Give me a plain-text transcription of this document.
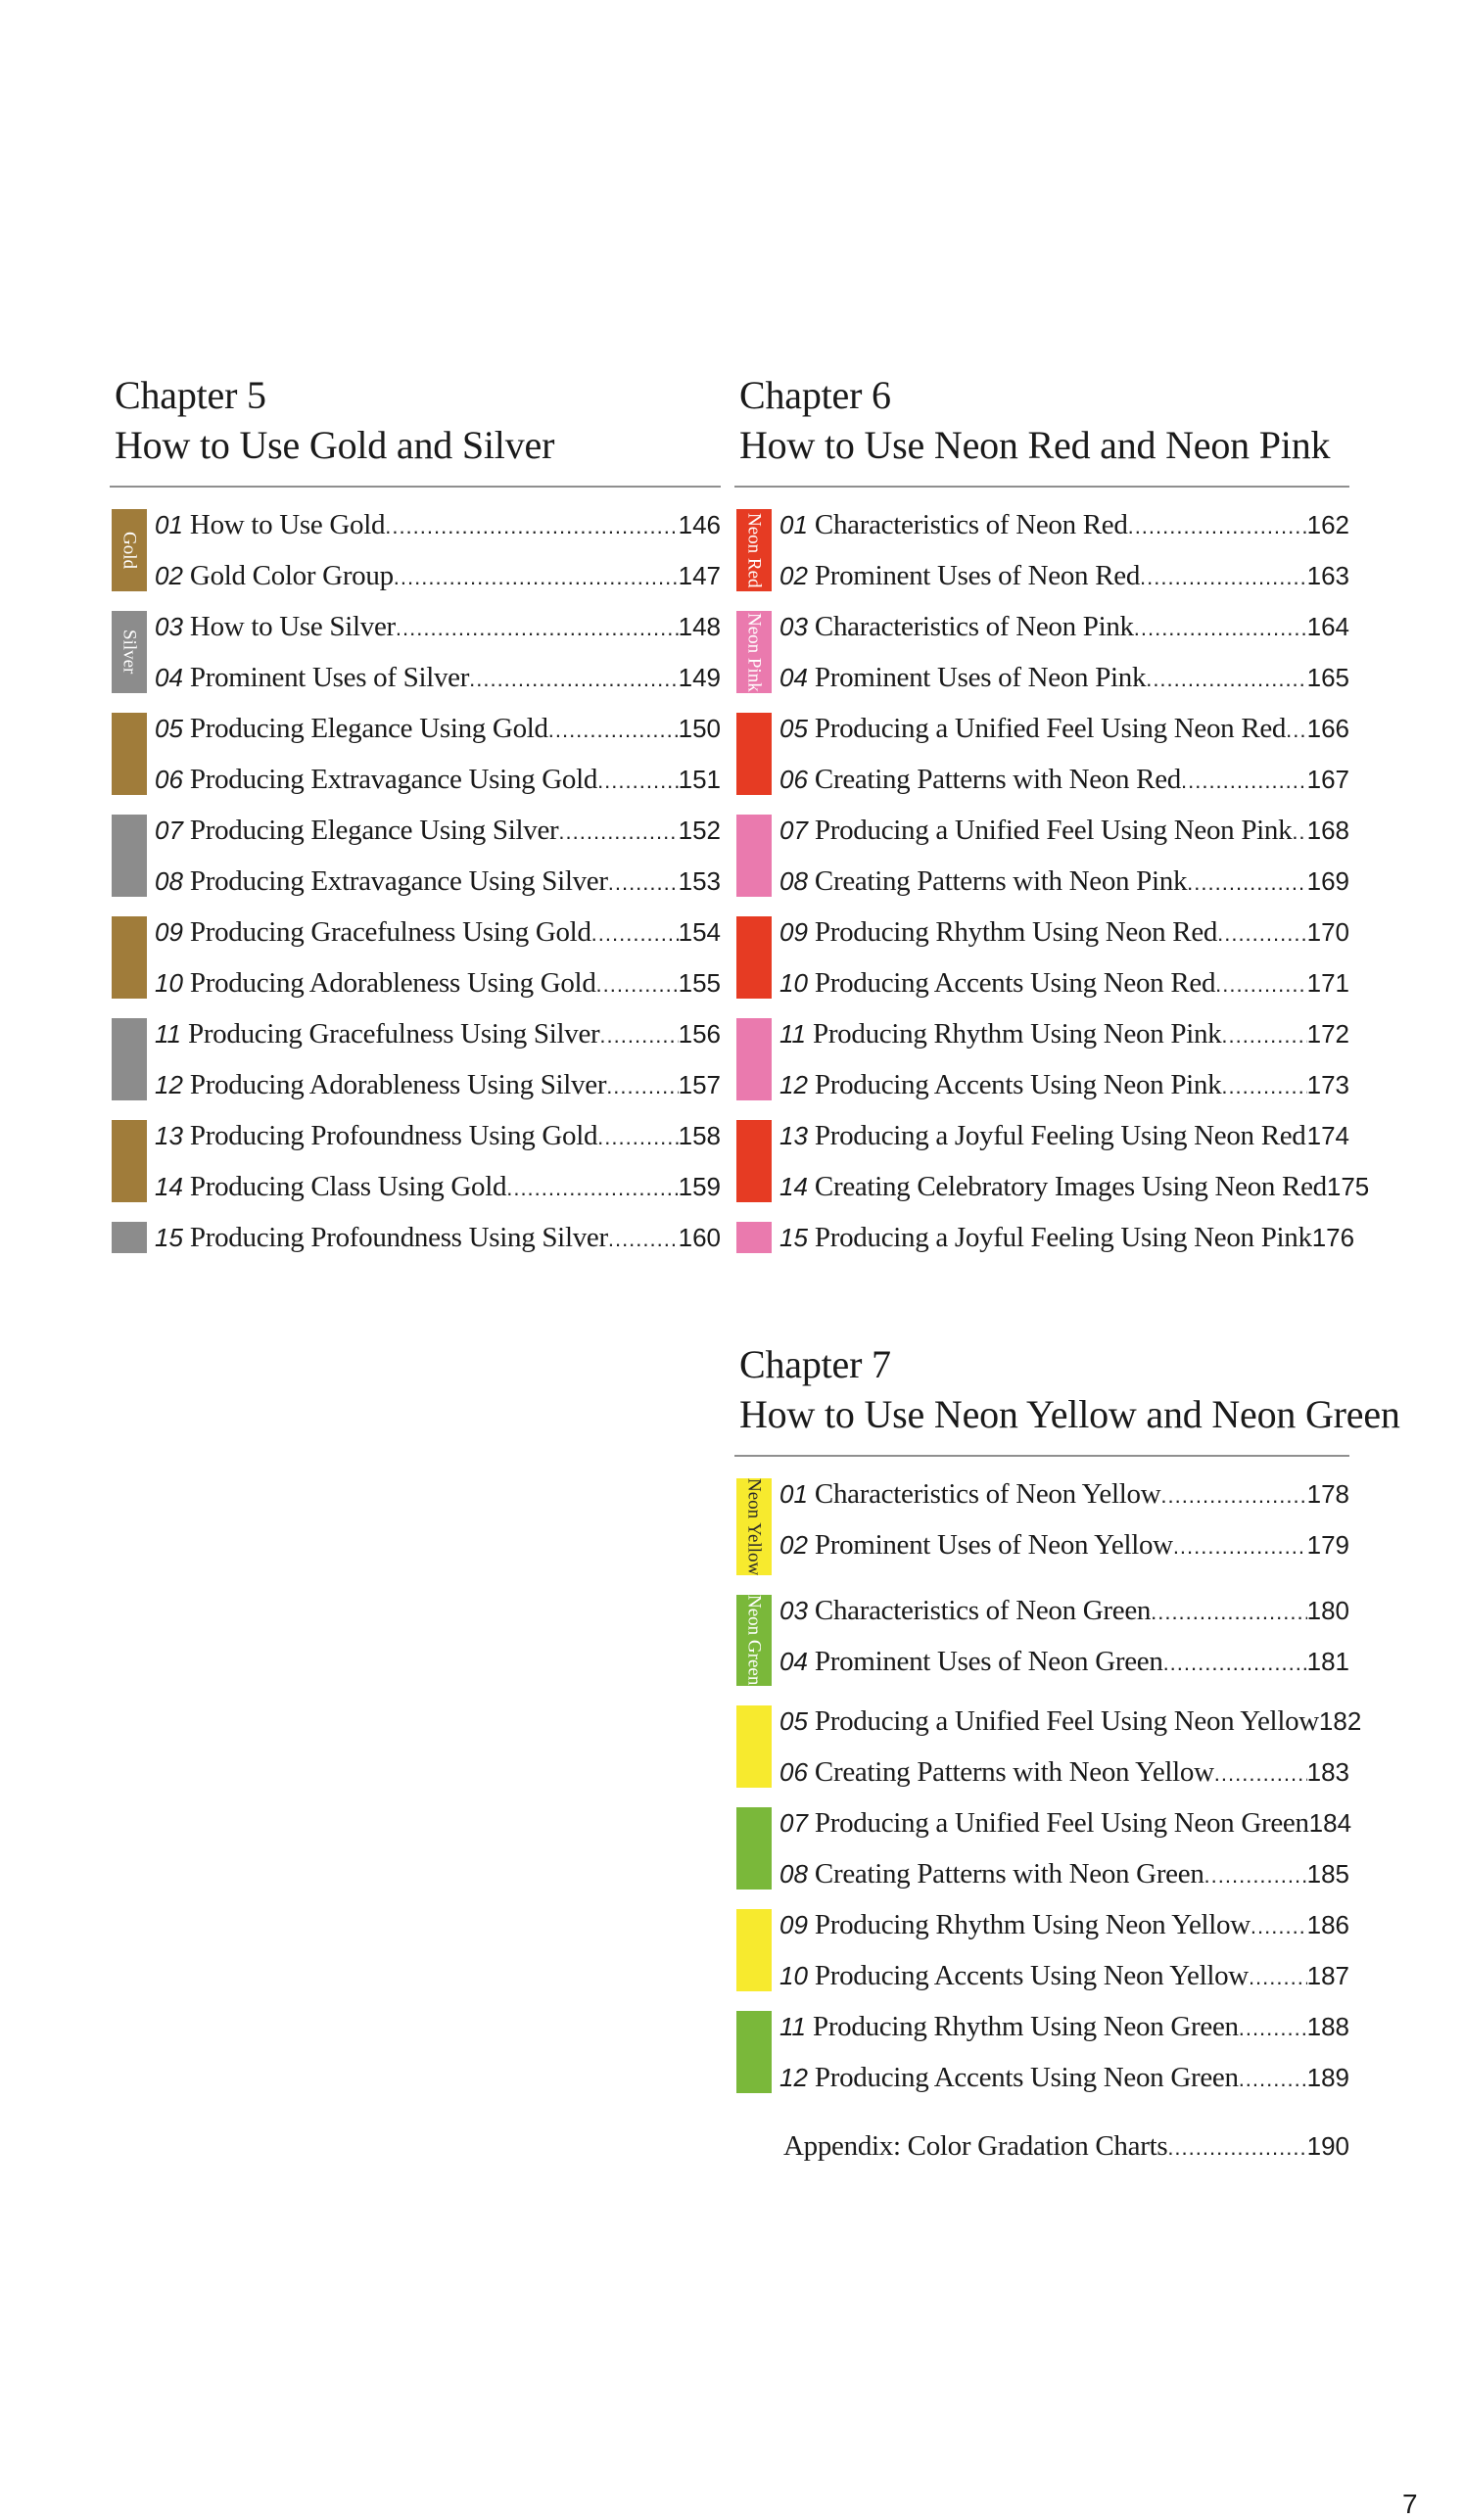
Chapter 5
How to Use Gold and Silver
Gold
01 How to Use Gold .....	146
02 Gold Color Group .....	147
Silver
03 How to Use Silver .....	148
04 Prominent Uses of Silver .....	149
05 Producing Elegance Using Gold .....	150
06 Producing Extravagance Using Gold .....	151
07 Producing Elegance Using Silver .....	152
08 Producing Extravagance Using Silver .....	153
09 Producing Gracefulness Using Gold .....	154
10 Producing Adorableness Using Gold .....	155
11 Producing Gracefulness Using Silver .....	156
12 Producing Adorableness Using Silver .....	157
13 Producing Profoundness Using Gold .....	158
14 Producing Class Using Gold .....	159
15 Producing Profoundness Using Silver .....	160
Chapter 6
How to Use Neon Red and Neon Pink
Neon Red 01 Characteristics of Neon Red .....	162
02 Prominent Uses of Neon Red .....	163
Neon Pink 03 Characteristics of Neon Pink .....	164
04 Prominent Uses of Neon Pink .....	165
05 Producing a Unified Feel Using Neon Red ..... 166
06 Creating Patterns with Neon Red .....	167
07 Producing a Unified Feel Using Neon Pink ..... 168
08 Creating Patterns with Neon Pink .....	169
09 Producing Rhythm Using Neon Red .....	170
10 Producing Accents Using Neon Red .....	171
11 Producing Rhythm Using Neon Pink .....	172
12 Producing Accents Using Neon Pink .....	173
13 Producing a Joyful Feeling Using Neon Red ..... 174
14 Creating Celebratory Images Using Neon Red 175
15 Producing a Joyful Feeling Using Neon Pink 176
Chapter 7
How to Use Neon Yellow and Neon Green
Neon Yellow 01 Characteristics of Neon Yellow .....	178
02 Prominent Uses of Neon Yellow .....	179
Neon Green 03 Characteristics of Neon Green .....	180
04 Prominent Uses of Neon Green .....	181
05 Producing a Unified Feel Using Neon Yellow 182
06 Creating Patterns with Neon Yellow .....	183
07 Producing a Unified Feel Using Neon Green 184
08 Creating Patterns with Neon Green .....	185
09 Producing Rhythm Using Neon Yellow ..... 186
10 Producing Accents Using Neon Yellow ..... 187
11 Producing Rhythm Using Neon Green .....	188
12 Producing Accents Using Neon Green .....	189
Appendix: Color Gradation Charts .....	190
7
